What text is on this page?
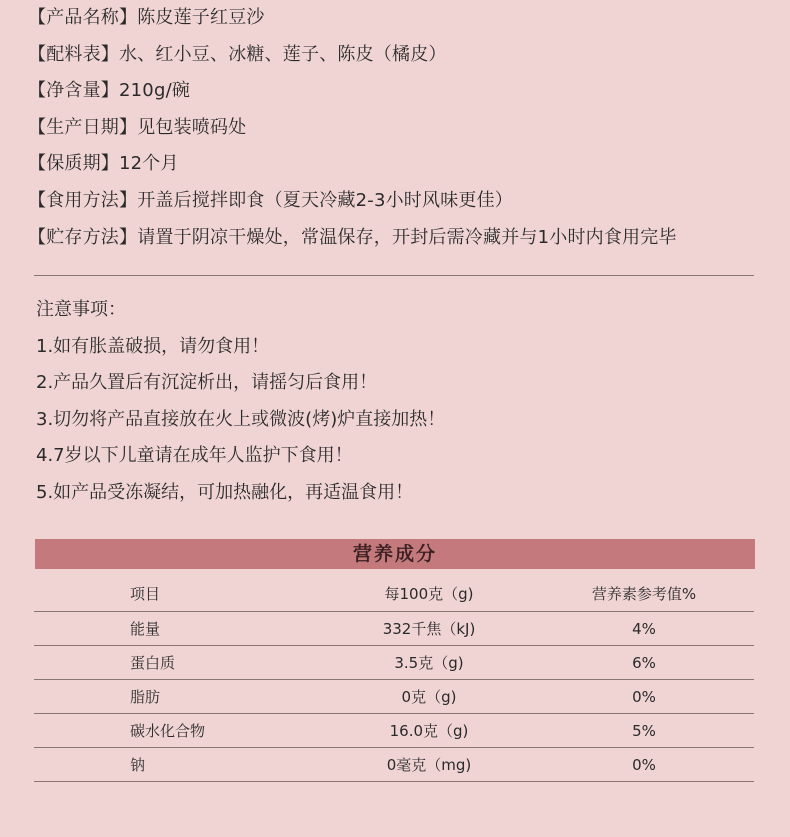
【产品名称】陈皮莲子红豆沙
【配料表】水、红小豆、冰糖、莲子、陈皮（橘皮）
【净含量】210g/碗
【生产日期】见包装喷码处
【保质期】12个月
【食用方法】开盖后搅拌即食（夏天冷藏2-3小时风味更佳）
【贮存方法】请置于阴凉干燥处，常温保存，开封后需冷藏并与1小时内食用完毕
注意事项：
1.如有胀盖破损，请勿食用！
2.产品久置后有沉淀析出，请摇匀后食用！
3.切勿将产品直接放在火上或微波(烤)炉直接加热！
4.7岁以下儿童请在成年人监护下食用！
5.如产品受冻凝结，可加热融化，再适温食用！
营养成分
项目	每100克（g)	营养素参考值%
能量	332千焦（kJ)	4%
蛋白质	3.5克（g)	6%
脂肪	0克（g)	0%
碳水化合物	16.0克（g)	5%
钠	0毫克（mg)	0%
